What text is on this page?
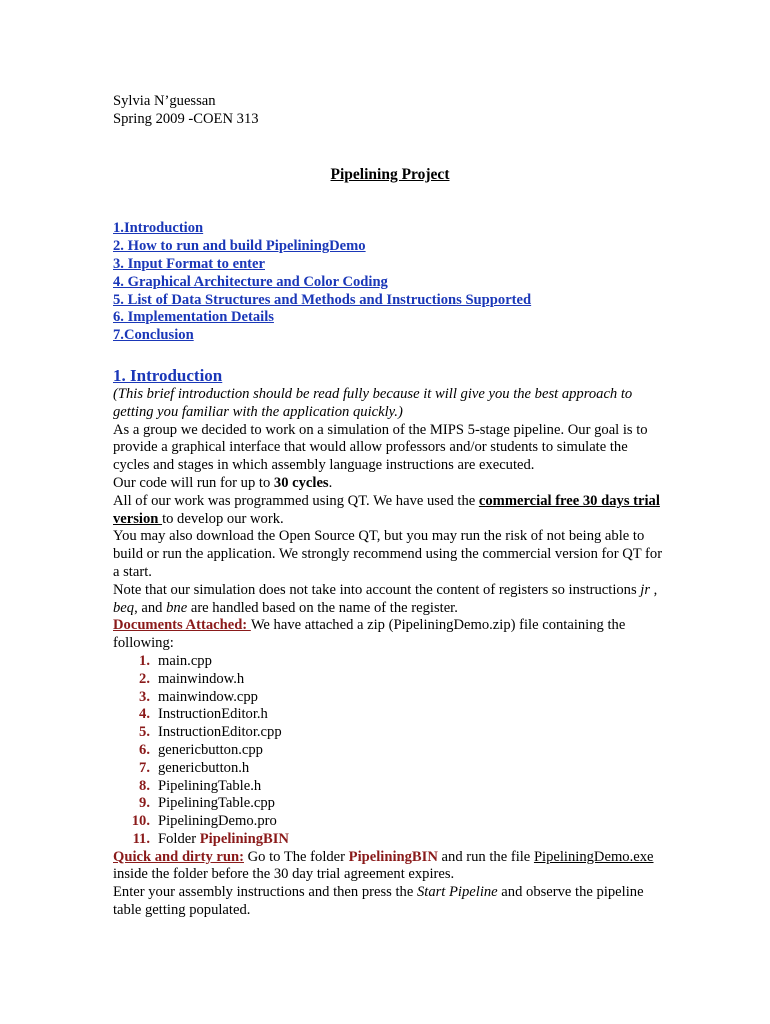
Sylvia N’guessan
Spring 2009 -COEN 313
Pipelining Project
1.Introduction
2. How to run and build PipeliningDemo
3. Input Format to enter
4. Graphical Architecture and Color Coding
5. List of Data Structures and Methods and Instructions Supported
6. Implementation Details
7.Conclusion
1. Introduction
(This brief introduction should be read fully because it will give you the best approach to getting you familiar with the application quickly.)
As a group we decided to work on a simulation of the MIPS 5-stage pipeline. Our goal is to provide a graphical interface that would allow professors and/or students to simulate the cycles and stages in which assembly language instructions are executed.
Our code will run for up to 30 cycles.
All of our work was programmed using QT. We have used the commercial free 30 days trial version to develop our work.
You may also download the Open Source QT, but you may run the risk of not being able to build or run the application. We strongly recommend using the commercial version for QT for a start.
Note that our simulation does not take into account the content of registers so instructions jr , beq, and bne are handled based on the name of the register.
Documents Attached: We have attached a zip (PipeliningDemo.zip) file containing the following:
1. main.cpp
2. mainwindow.h
3. mainwindow.cpp
4. InstructionEditor.h
5. InstructionEditor.cpp
6. genericbutton.cpp
7. genericbutton.h
8. PipeliningTable.h
9. PipeliningTable.cpp
10. PipeliningDemo.pro
11. Folder PipeliningBIN
Quick and dirty run: Go to The folder PipeliningBIN and run the file PipeliningDemo.exe inside the folder before the 30 day trial agreement expires.
Enter your assembly instructions and then press the Start Pipeline and observe the pipeline table getting populated.
